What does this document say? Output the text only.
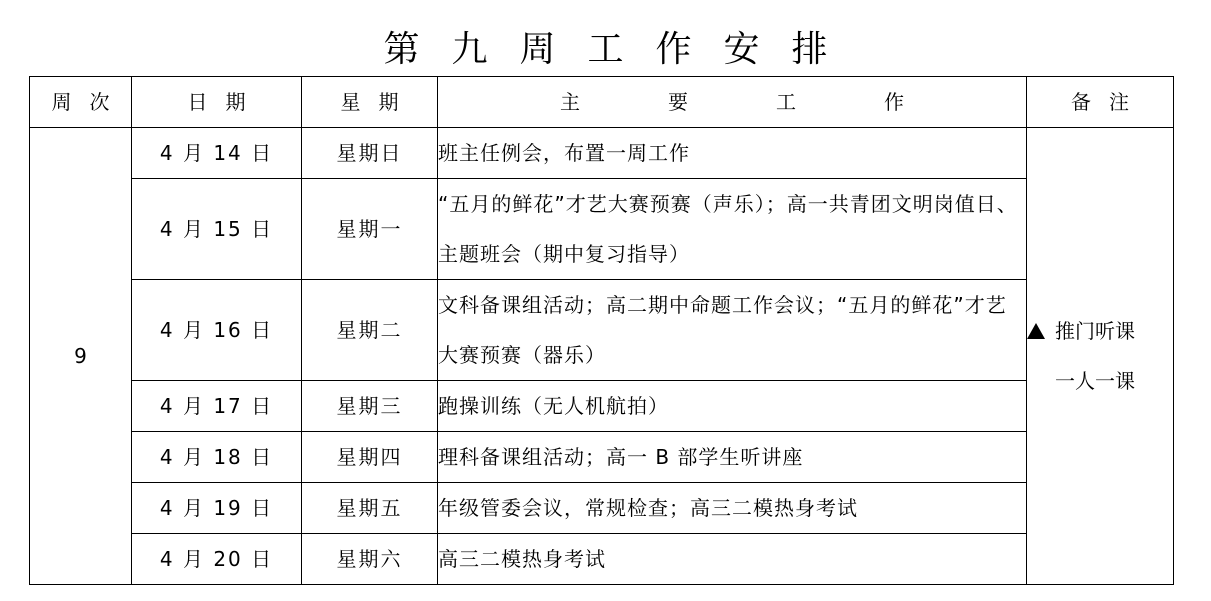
第九周工作安排
周次	日期	星期	主要工作	备注
9	4 月 14 日	星期日	班主任例会，布置一周工作	推门听课
一人一课

	4 月 15 日	星期一	“五月的鲜花”才艺大赛预赛（声乐）；高一共青团文明岗值日、主题班会（期中复习指导）	
	4 月 16 日	星期二	文科备课组活动；高二期中命题工作会议；“五月的鲜花”才艺大赛预赛（器乐）	
	4 月 17 日	星期三	跑操训练（无人机航拍）	
	4 月 18 日	星期四	理科备课组活动；高一 B 部学生听讲座	
	4 月 19 日	星期五	年级管委会议，常规检查；高三二模热身考试	
	4 月 20 日	星期六	高三二模热身考试	
